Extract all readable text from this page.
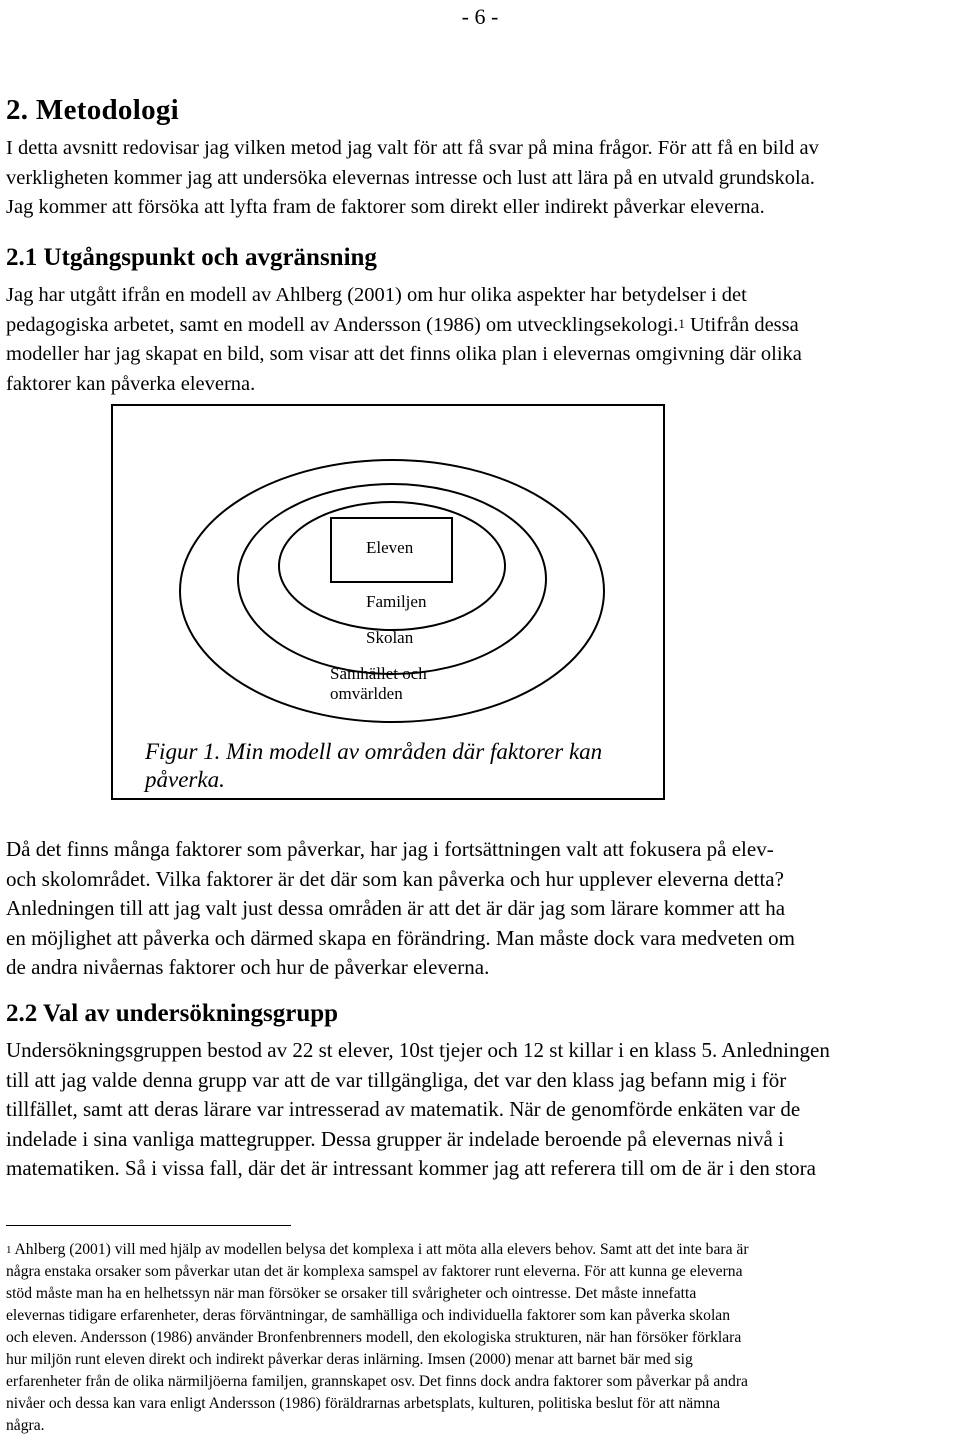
- 6 -
2. Metodologi
I detta avsnitt redovisar jag vilken metod jag valt för att få svar på mina frågor. För att få en bild av
verkligheten kommer jag att undersöka elevernas intresse och lust att lära på en utvald grundskola.
Jag kommer att försöka att lyfta fram de faktorer som direkt eller indirekt påverkar eleverna.
2.1 Utgångspunkt och avgränsning
Jag har utgått ifrån en modell av Ahlberg (2001) om hur olika aspekter har betydelser i det
pedagogiska arbetet, samt en modell av Andersson (1986) om utvecklingsekologi.$^1$ Utifrån dessa
modeller har jag skapat en bild, som visar att det finns olika plan i elevernas omgivning där olika
faktorer kan påverka eleverna.
Eleven
Familjen
Skolan
Samhället och
omvärlden
Figur 1. Min modell av områden där faktorer kan
påverka.
Då det finns många faktorer som påverkar, har jag i fortsättningen valt att fokusera på elev-
och skolområdet. Vilka faktorer är det där som kan påverka och hur upplever eleverna detta?
Anledningen till att jag valt just dessa områden är att det är där jag som lärare kommer att ha
en möjlighet att påverka och därmed skapa en förändring. Man måste dock vara medveten om
de andra nivåernas faktorer och hur de påverkar eleverna.
2.2 Val av undersökningsgrupp
Undersökningsgruppen bestod av 22 st elever, 10st tjejer och 12 st killar i en klass 5. Anledningen
till att jag valde denna grupp var att de var tillgängliga, det var den klass jag befann mig i för
tillfället, samt att deras lärare var intresserad av matematik. När de genomförde enkäten var de
indelade i sina vanliga mattegrupper. Dessa grupper är indelade beroende på elevernas nivå i
matematiken. Så i vissa fall, där det är intressant kommer jag att referera till om de är i den stora
$^1$ Ahlberg (2001) vill med hjälp av modellen belysa det komplexa i att möta alla elevers behov. Samt att det inte bara är
några enstaka orsaker som påverkar utan det är komplexa samspel av faktorer runt eleverna. För att kunna ge eleverna
stöd måste man ha en helhetssyn när man försöker se orsaker till svårigheter och ointresse. Det måste innefatta
elevernas tidigare erfarenheter, deras förväntningar, de samhälliga och individuella faktorer som kan påverka skolan
och eleven. Andersson (1986) använder Bronfenbrenners modell, den ekologiska strukturen, när han försöker förklara
hur miljön runt eleven direkt och indirekt påverkar deras inlärning. Imsen (2000) menar att barnet bär med sig
erfarenheter från de olika närmiljöerna familjen, grannskapet osv. Det finns dock andra faktorer som påverkar på andra
nivåer och dessa kan vara enligt Andersson (1986) föräldrarnas arbetsplats, kulturen, politiska beslut för att nämna
några.
